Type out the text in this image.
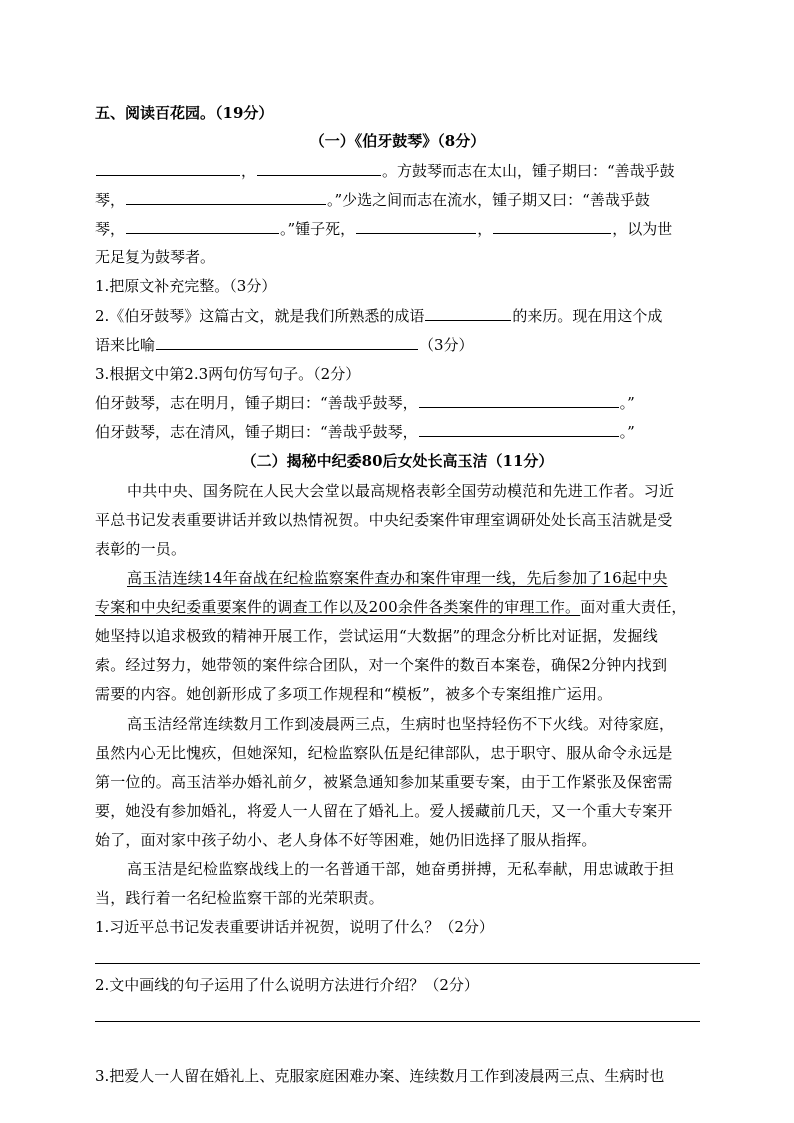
五、阅读百花园。（19分）
（一）《伯牙鼓琴》（8分）
，	。方鼓琴而志在太山，锺子期曰：“善哉乎鼓
琴，	。”少选之间而志在流水，锺子期又曰：“善哉乎鼓
琴，	。”锺子死，	，	，以为世
无足复为鼓琴者。
1.把原文补充完整。（3分）
2.《伯牙鼓琴》这篇古文，就是我们所熟悉的成语	的来历。现在用这个成
语来比喻	（3分）
3.根据文中第2.3两句仿写句子。（2分）
伯牙鼓琴，志在明月，锺子期曰：“善哉乎鼓琴，	。”
伯牙鼓琴，志在清风，锺子期曰：“善哉乎鼓琴，	。”
（二）揭秘中纪委80后女处长高玉洁（11分）
中共中央、国务院在人民大会堂以最高规格表彰全国劳动模范和先进工作者。习近
平总书记发表重要讲话并致以热情祝贺。中央纪委案件审理室调研处处长高玉洁就是受
表彰的一员。
高玉洁连续14年奋战在纪检监察案件查办和案件审理一线，先后参加了16起中央
专案和中央纪委重要案件的调查工作以及200余件各类案件的审理工作。面对重大责任，
她坚持以追求极致的精神开展工作，尝试运用“大数据”的理念分析比对证据，发掘线
索。经过努力，她带领的案件综合团队，对一个案件的数百本案卷，确保2分钟内找到
需要的内容。她创新形成了多项工作规程和“模板”，被多个专案组推广运用。
高玉洁经常连续数月工作到凌晨两三点，生病时也坚持轻伤不下火线。对待家庭，
虽然内心无比愧疚，但她深知，纪检监察队伍是纪律部队，忠于职守、服从命令永远是
第一位的。高玉洁举办婚礼前夕，被紧急通知参加某重要专案，由于工作紧张及保密需
要，她没有参加婚礼，将爱人一人留在了婚礼上。爱人援藏前几天，又一个重大专案开
始了，面对家中孩子幼小、老人身体不好等困难，她仍旧选择了服从指挥。
高玉洁是纪检监察战线上的一名普通干部，她奋勇拼搏，无私奉献，用忠诚敢于担
当，践行着一名纪检监察干部的光荣职责。
1.习近平总书记发表重要讲话并祝贺，说明了什么？（2分）
2.文中画线的句子运用了什么说明方法进行介绍？（2分）
3.把爱人一人留在婚礼上、克服家庭困难办案、连续数月工作到凌晨两三点、生病时也
